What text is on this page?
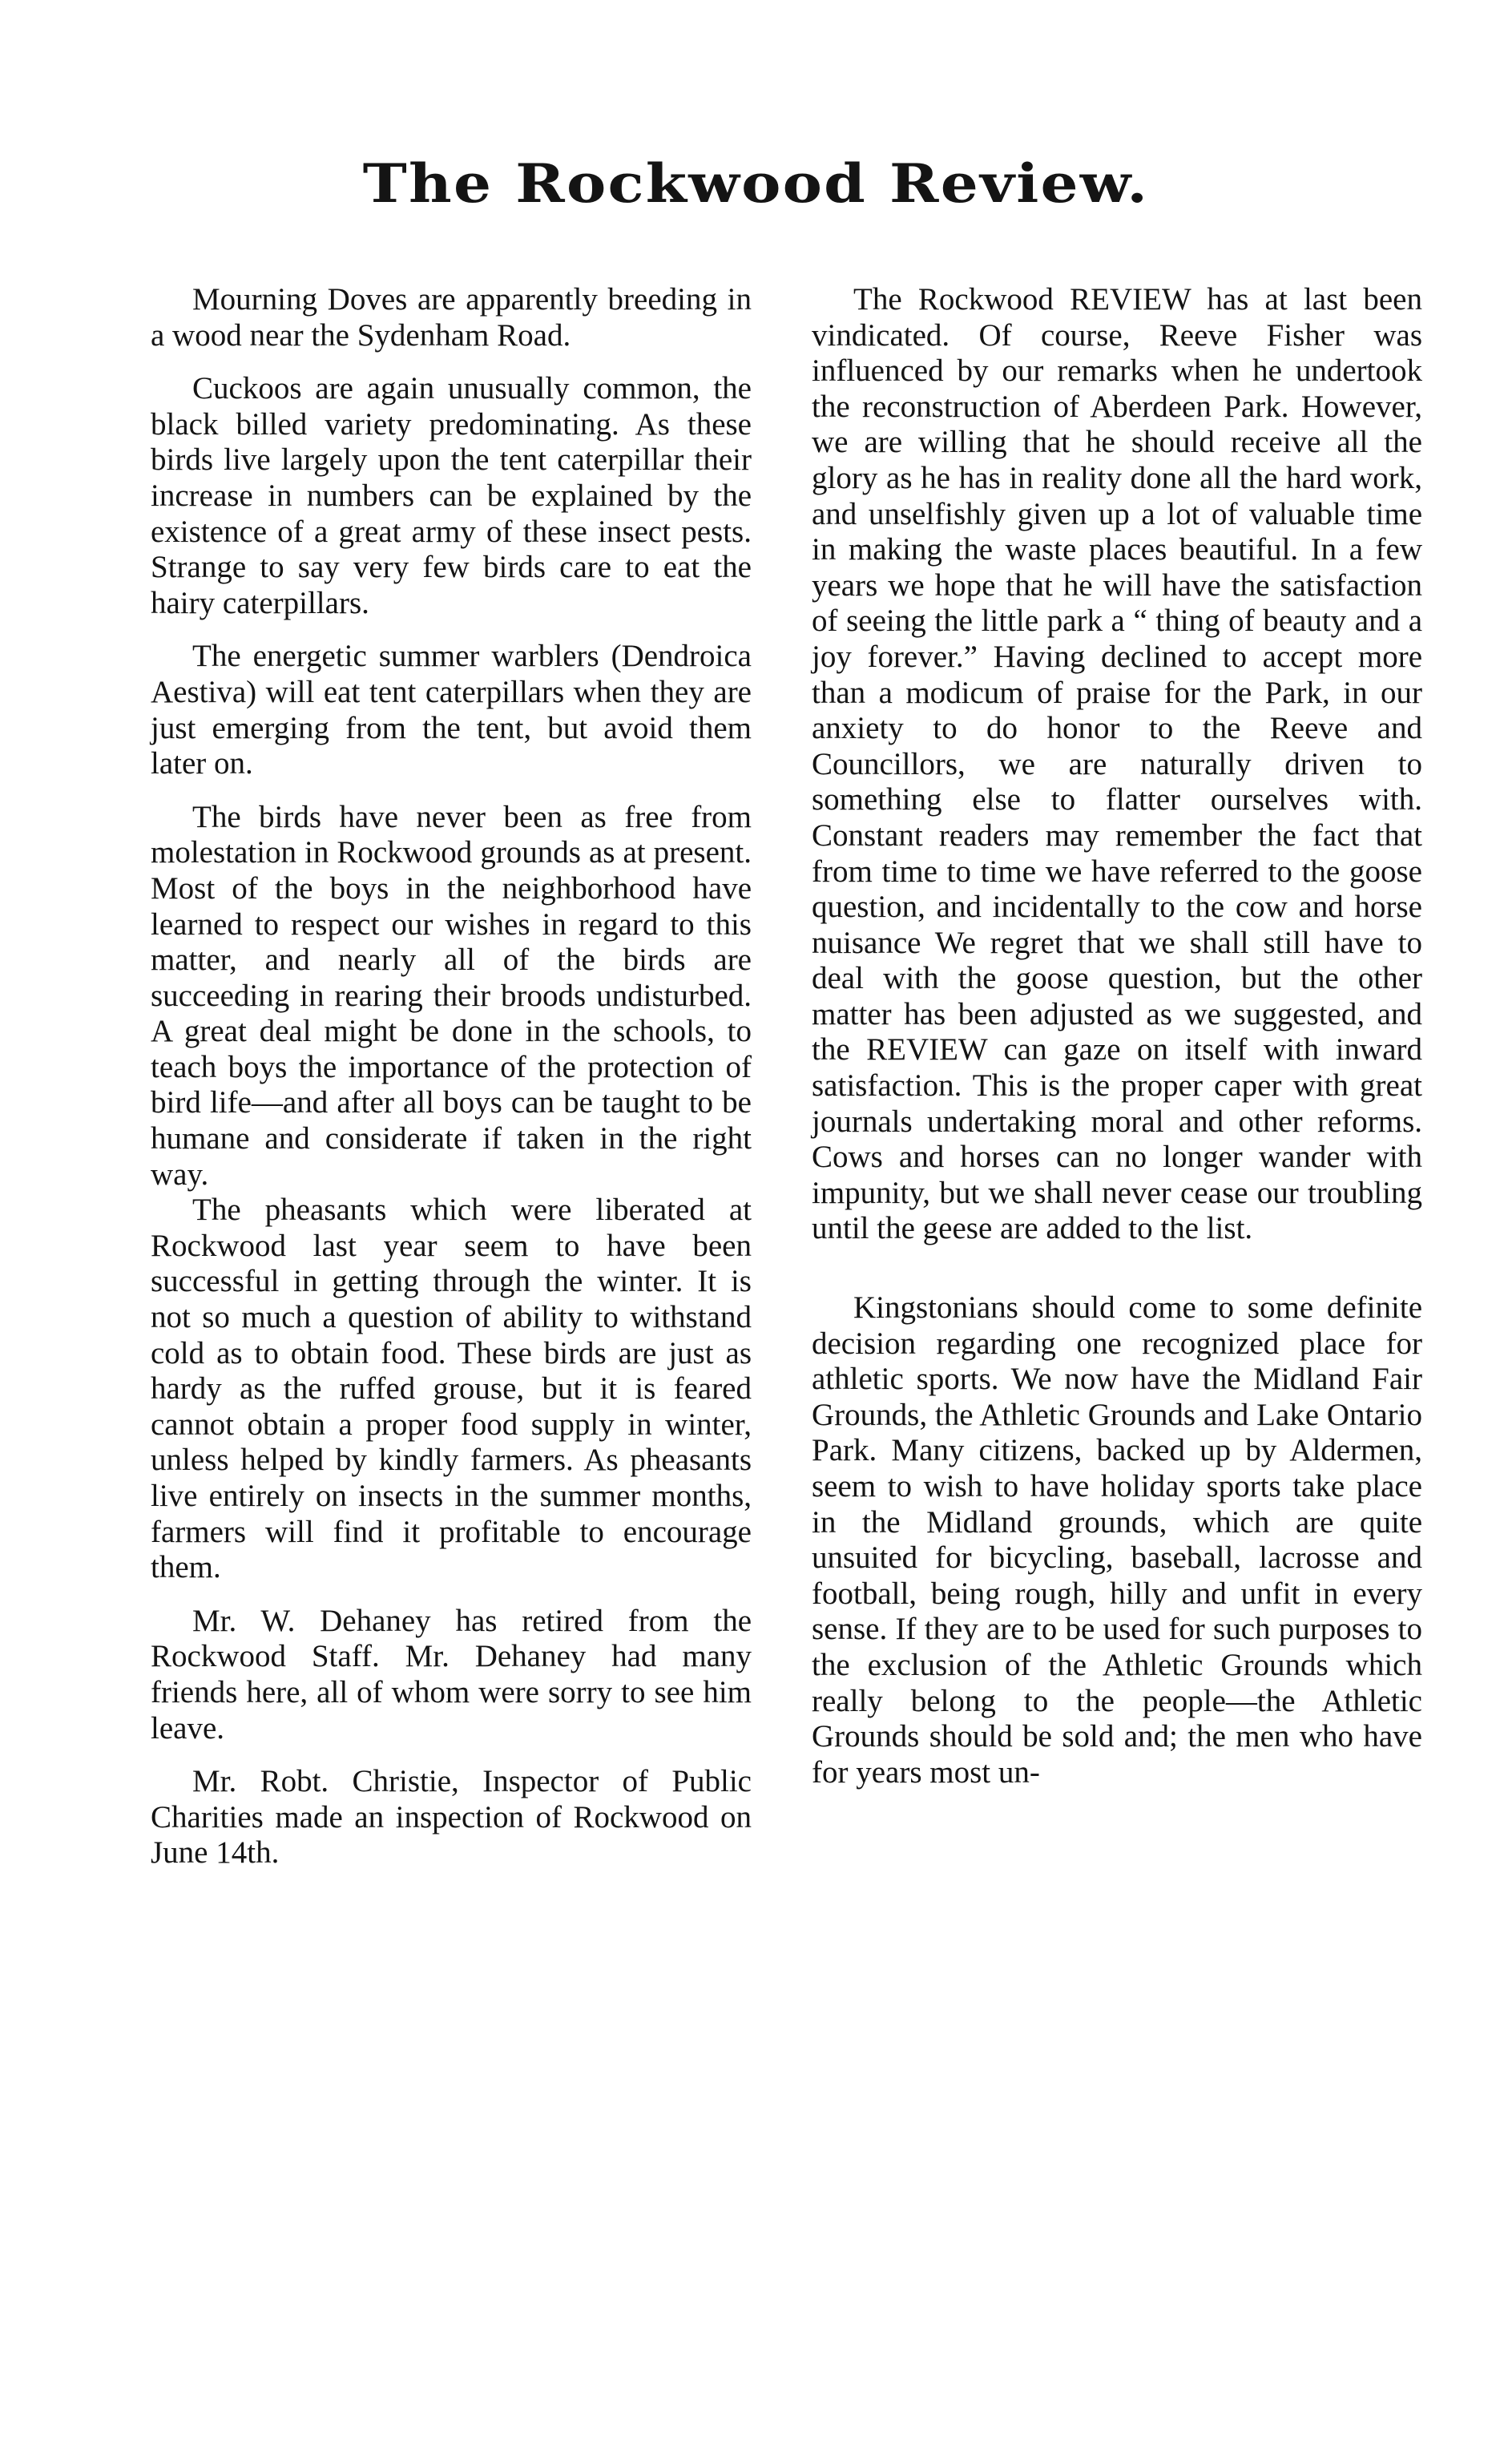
The Rockwood Review.

Mourning Doves are apparently breeding in a wood near the Sydenham Road.

Cuckoos are again unusually common, the black billed variety predominating. As these birds live largely upon the tent caterpillar their increase in numbers can be explained by the existence of a great army of these insect pests. Strange to say very few birds care to eat the hairy caterpillars.

The energetic summer warblers (Dendroica Aestiva) will eat tent caterpillars when they are just emerging from the tent, but avoid them later on.

The birds have never been as free from molestation in Rockwood grounds as at present. Most of the boys in the neighborhood have learned to respect our wishes in regard to this matter, and nearly all of the birds are succeeding in rearing their broods undisturbed. A great deal might be done in the schools, to teach boys the importance of the protection of bird life—and after all boys can be taught to be humane and considerate if taken in the right way.

The pheasants which were liberated at Rockwood last year seem to have been successful in getting through the winter. It is not so much a question of ability to withstand cold as to obtain food. These birds are just as hardy as the ruffed grouse, but it is feared cannot obtain a proper food supply in winter, unless helped by kindly farmers. As pheasants live entirely on insects in the summer months, farmers will find it profitable to encourage them.

Mr. W. Dehaney has retired from the Rockwood Staff. Mr. Dehaney had many friends here, all of whom were sorry to see him leave.

Mr. Robt. Christie, Inspector of Public Charities made an inspection of Rockwood on June 14th.

The Rockwood REVIEW has at last been vindicated. Of course, Reeve Fisher was influenced by our remarks when he undertook the reconstruction of Aberdeen Park. However, we are willing that he should receive all the glory as he has in reality done all the hard work, and unselfishly given up a lot of valuable time in making the waste places beautiful. In a few years we hope that he will have the satisfaction of seeing the little park a “ thing of beauty and a joy forever.” Having declined to accept more than a modicum of praise for the Park, in our anxiety to do honor to the Reeve and Councillors, we are naturally driven to something else to flatter ourselves with. Constant readers may remember the fact that from time to time we have referred to the goose question, and incidentally to the cow and horse nuisance We regret that we shall still have to deal with the goose question, but the other matter has been adjusted as we suggested, and the REVIEW can gaze on itself with inward satisfaction. This is the proper caper with great journals undertaking moral and other reforms. Cows and horses can no longer wander with impunity, but we shall never cease our troubling until the geese are added to the list.

Kingstonians should come to some definite decision regarding one recognized place for athletic sports. We now have the Midland Fair Grounds, the Athletic Grounds and Lake Ontario Park. Many citizens, backed up by Aldermen, seem to wish to have holiday sports take place in the Midland grounds, which are quite unsuited for bicycling, baseball, lacrosse and football, being rough, hilly and unfit in every sense. If they are to be used for such purposes to the exclusion of the Athletic Grounds which really belong to the people—the Athletic Grounds should be sold and; the men who have for years most un-
